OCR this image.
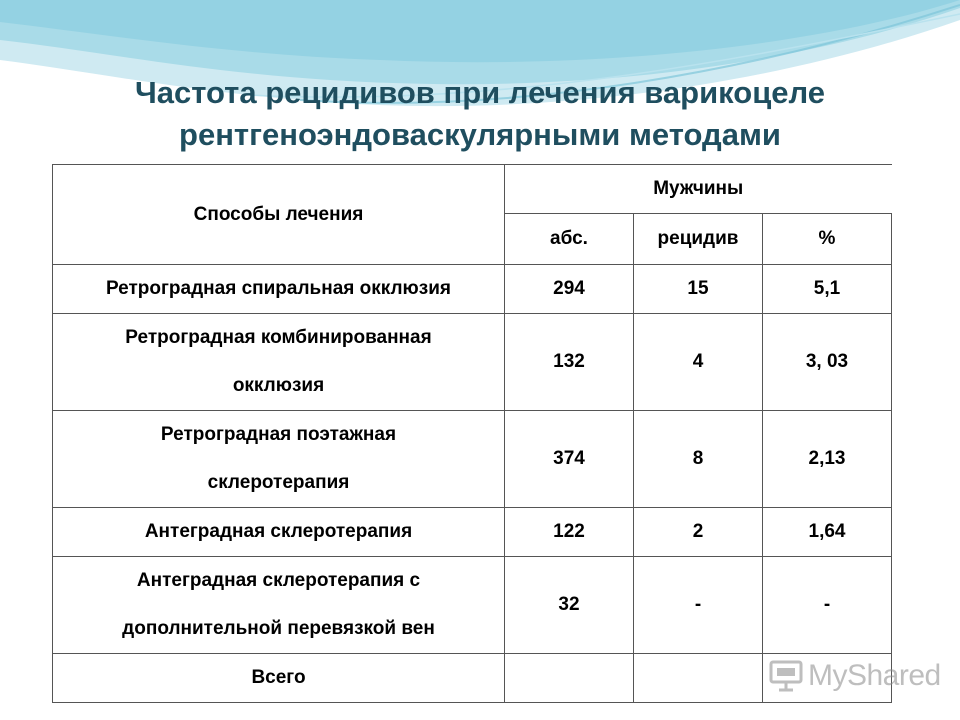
Частота рецидивов при лечения варикоцеле
рентгеноэндоваскулярными методами
Способы лечения	Мужчины		
	абс.	рецидив	%
Ретроградная спиральная окклюзия	294	15	5,1
Ретроградная комбинированная
окклюзия	132	4	3, 03
Ретроградная поэтажная
склеротерапия	374	8	2,13
Антеградная склеротерапия	122	2	1,64
Антеградная склеротерапия с
дополнительной перевязкой вен	32	-	-
Всего				MyShared
